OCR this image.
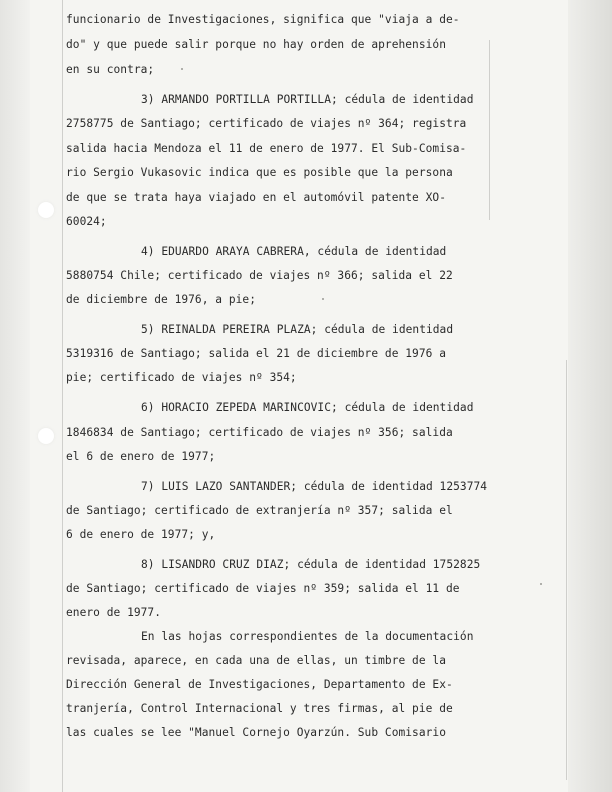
funcionario de Investigaciones, significa que "viaja a de-
do" y que puede salir porque no hay orden de aprehensión
en su contra;
3) ARMANDO PORTILLA PORTILLA; cédula de identidad
2758775 de Santiago; certificado de viajes nº 364; registra
salida hacia Mendoza el 11 de enero de 1977. El Sub-Comisa-
rio Sergio Vukasovic indica que es posible que la persona
de que se trata haya viajado en el automóvil patente XO-
60024;
4) EDUARDO ARAYA CABRERA, cédula de identidad
5880754 Chile; certificado de viajes nº 366; salida el 22
de diciembre de 1976, a pie;
5) REINALDA PEREIRA PLAZA; cédula de identidad
5319316 de Santiago; salida el 21 de diciembre de 1976 a
pie; certificado de viajes nº 354;
6) HORACIO ZEPEDA MARINCOVIC; cédula de identidad
1846834 de Santiago; certificado de viajes nº 356; salida
el 6 de enero de 1977;
7) LUIS LAZO SANTANDER; cédula de identidad 1253774
de Santiago; certificado de extranjería nº 357; salida el
6 de enero de 1977; y,
8) LISANDRO CRUZ DIAZ; cédula de identidad 1752825
de Santiago; certificado de viajes nº 359; salida el 11 de
enero de 1977.
En las hojas correspondientes de la documentación
revisada, aparece, en cada una de ellas, un timbre de la
Dirección General de Investigaciones, Departamento de Ex-
tranjería, Control Internacional y tres firmas, al pie de
las cuales se lee "Manuel Cornejo Oyarzún. Sub Comisario
